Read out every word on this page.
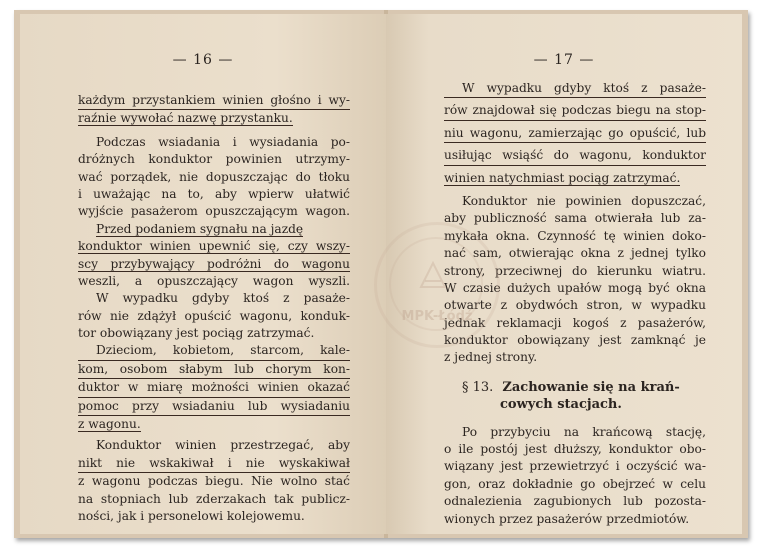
— 16 —
każdym przystankiem winien głośno i wy-
raźnie wywołać nazwę przystanku.
Podczas wsiadania i wysiadania po-
dróżnych konduktor powinien utrzymy-
wać porządek, nie dopuszczając do tłoku
i uważając na to, aby wpierw ułatwić
wyjście pasażerom opuszczającym wagon.
Przed podaniem sygnału na jazdę
konduktor winien upewnić się, czy wszy-
scy przybywający podróżni do wagonu
weszli, a opuszczający wagon wyszli.
W wypadku gdyby ktoś z pasaże-
rów nie zdążył opuścić wagonu, konduk-
tor obowiązany jest pociąg zatrzymać.
Dzieciom, kobietom, starcom, kale-
kom, osobom słabym lub chorym kon-
duktor w miarę możności winien okazać
pomoc przy wsiadaniu lub wysiadaniu
z wagonu.
Konduktor winien przestrzegać, aby
nikt nie wskakiwał i nie wyskakiwał
z wagonu podczas biegu. Nie wolno stać
na stopniach lub zderzakach tak publicz-
ności, jak i personelowi kolejowemu.
— 17 —
W wypadku gdyby ktoś z pasaże-
rów znajdował się podczas biegu na stop-
niu wagonu, zamierzając go opuścić, lub
usiłując wsiąść do wagonu, konduktor
winien natychmiast pociąg zatrzymać.
Konduktor nie powinien dopuszczać,
aby publiczność sama otwierała lub za-
mykała okna. Czynność tę winien doko-
nać sam, otwierając okna z jednej tylko
strony, przeciwnej do kierunku wiatru.
W czasie dużych upałów mogą być okna
otwarte z obydwóch stron, w wypadku
jednak reklamacji kogoś z pasażerów,
konduktor obowiązany jest zamknąć je
z jednej strony.
§ 13. Zachowanie się na krań-
cowych stacjach.
Po przybyciu na krańcową stację,
o ile postój jest dłuższy, konduktor obo-
wiązany jest przewietrzyć i oczyścić wa-
gon, oraz dokładnie go obejrzeć w celu
odnalezienia zagubionych lub pozosta-
wionych przez pasażerów przedmiotów.
MPK-Łódź
